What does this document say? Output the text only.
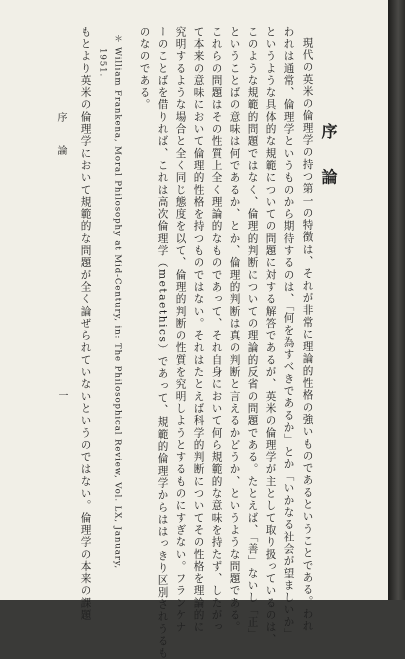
序 論
現代の英米の倫理学の持つ第一の特徴は、それが非常に理論的性格の強いものであるということである。われ
われは通常、倫理学というものから期待するのは、「何を為すべきであるか」とか「いかなる社会が望ましいか」
というような具体的な規範についての問題に対する解答であるが、英米の倫理学が主として取り扱っているのは、
このような規範的問題ではなく、倫理的判断についての理論的反省の問題である。たとえば、「善」ないし「正」
ということばの意味は何であるか、とか、倫理的判断は真の判断と言えるかどうか、というような問題である。
これらの問題はその性質上全く理論的なものであって、それ自身において何ら規範的な意味を持たず、したがっ
て本来の意味において倫理的性格を持つものではない。それはたとえば科学的判断についてその性格を理論的に
究明するような場合と全く同じ態度を以て、倫理的判断の性質を究明しようとするものにすぎない。フランケナ
ーのことばを借りれば、これは高次倫理学（metaethics）であって、規範的倫理学からははっきり区別されうるも
のなのである。
＊ William Frankena, Moral Philosophy at Mid-Century, in: The Philosophical Review, Vol. LX, January,
1951.
もとより英米の倫理学において規範的な問題が全く論ぜられていないというのではない。倫理学の本来の課題
序 論
一
